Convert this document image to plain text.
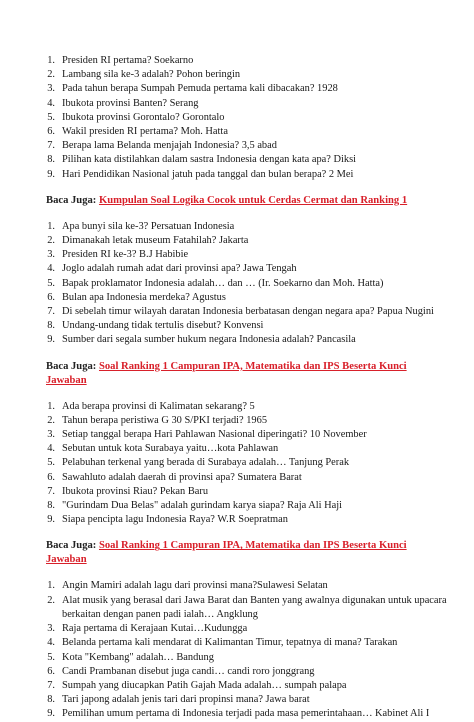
1. Presiden RI pertama? Soekarno
2. Lambang sila ke-3 adalah? Pohon beringin
3. Pada tahun berapa Sumpah Pemuda pertama kali dibacakan? 1928
4. Ibukota provinsi Banten? Serang
5. Ibukota provinsi Gorontalo? Gorontalo
6. Wakil presiden RI pertama? Moh. Hatta
7. Berapa lama Belanda menjajah Indonesia? 3,5 abad
8. Pilihan kata distilahkan dalam sastra Indonesia dengan kata apa? Diksi
9. Hari Pendidikan Nasional jatuh pada tanggal dan bulan berapa? 2 Mei
Baca Juga: Kumpulan Soal Logika Cocok untuk Cerdas Cermat dan Ranking 1
1. Apa bunyi sila ke-3? Persatuan Indonesia
2. Dimanakah letak museum Fatahilah? Jakarta
3. Presiden RI ke-3? B.J Habibie
4. Joglo adalah rumah adat dari provinsi apa? Jawa Tengah
5. Bapak proklamator Indonesia adalah… dan … (Ir. Soekarno dan Moh. Hatta)
6. Bulan apa Indonesia merdeka? Agustus
7. Di sebelah timur wilayah daratan Indonesia berbatasan dengan negara apa? Papua Nugini
8. Undang-undang tidak tertulis disebut? Konvensi
9. Sumber dari segala sumber hukum negara Indonesia adalah? Pancasila
Baca Juga: Soal Ranking 1 Campuran IPA, Matematika dan IPS Beserta Kunci Jawaban
1. Ada berapa provinsi di Kalimatan sekarang? 5
2. Tahun berapa peristiwa G 30 S/PKI terjadi? 1965
3. Setiap tanggal berapa Hari Pahlawan Nasional diperingati? 10 November
4. Sebutan untuk kota Surabaya yaitu…kota Pahlawan
5. Pelabuhan terkenal yang berada di Surabaya adalah… Tanjung Perak
6. Sawahluto adalah daerah di provinsi apa? Sumatera Barat
7. Ibukota provinsi Riau? Pekan Baru
8. "Gurindam Dua Belas" adalah gurindam karya siapa? Raja Ali Haji
9. Siapa pencipta lagu Indonesia Raya? W.R Soepratman
Baca Juga: Soal Ranking 1 Campuran IPA, Matematika dan IPS Beserta Kunci Jawaban
1. Angin Mamiri adalah lagu dari provinsi mana?Sulawesi Selatan
2. Alat musik yang berasal dari Jawa Barat dan Banten yang awalnya digunakan untuk upacara berkaitan dengan panen padi ialah… Angklung
3. Raja pertama di Kerajaan Kutai…Kudungga
4. Belanda pertama kali mendarat di Kalimantan Timur, tepatnya di mana? Tarakan
5. Kota "Kembang" adalah… Bandung
6. Candi Prambanan disebut juga candi… candi roro jonggrang
7. Sumpah yang diucapkan Patih Gajah Mada adalah… sumpah palapa
8. Tari japong adalah jenis tari dari propinsi mana? Jawa barat
9. Pemilihan umum pertama di Indonesia terjadi pada masa pemerintahaan… Kabinet Ali I
